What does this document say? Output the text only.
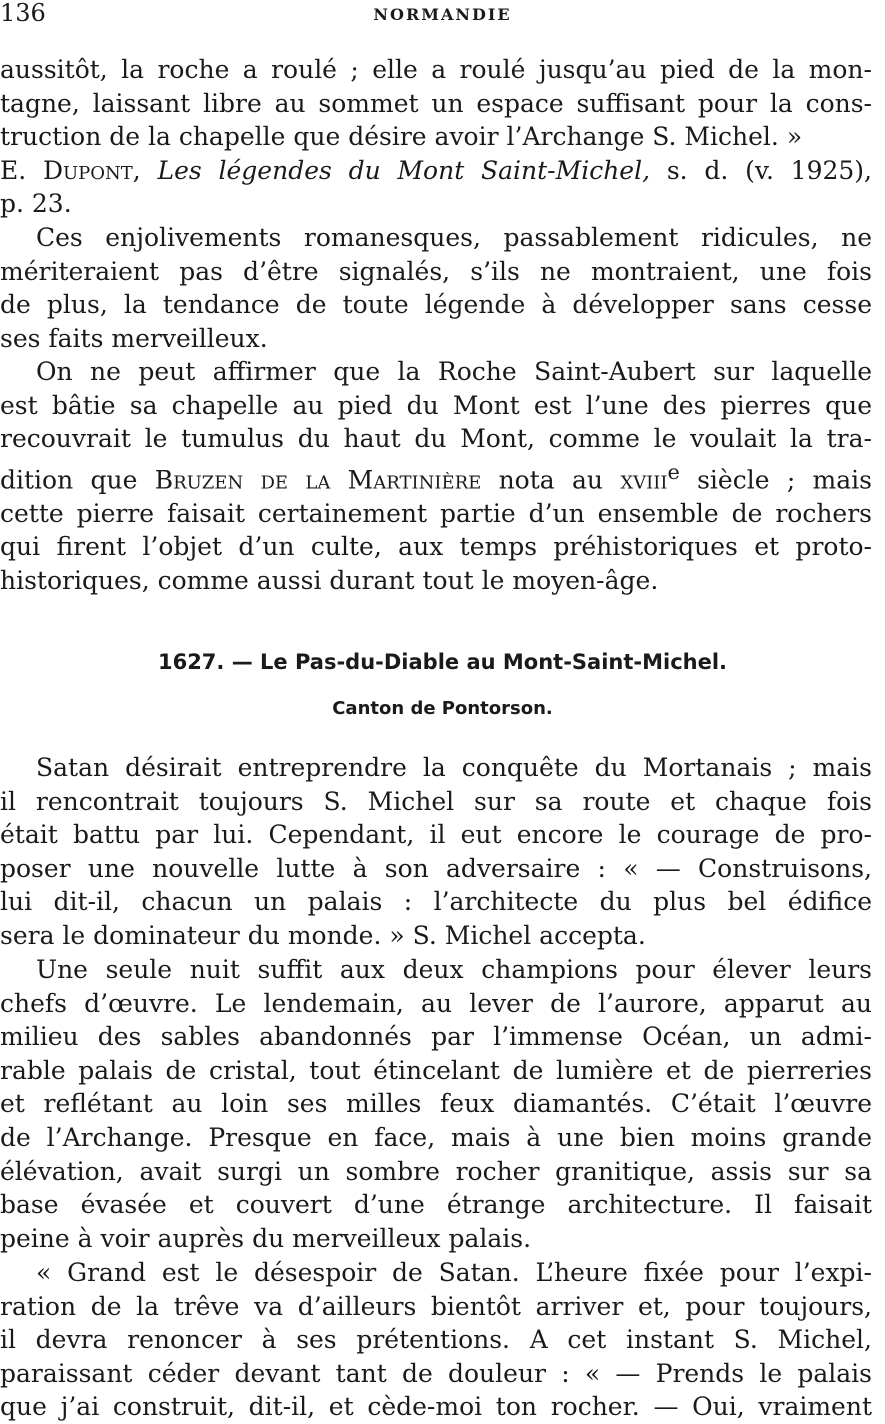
136	NORMANDIE
aussitôt, la roche a roulé ; elle a roulé jusqu’au pied de la mon-
tagne, laissant libre au sommet un espace suffisant pour la cons-
truction de la chapelle que désire avoir l’Archange S. Michel. »
E. Dupont, Les légendes du Mont Saint-Michel, s. d. (v. 1925),
p. 23.
Ces enjolivements romanesques, passablement ridicules, ne
mériteraient pas d’être signalés, s’ils ne montraient, une fois
de plus, la tendance de toute légende à développer sans cesse
ses faits merveilleux.
On ne peut affirmer que la Roche Saint-Aubert sur laquelle
est bâtie sa chapelle au pied du Mont est l’une des pierres que
recouvrait le tumulus du haut du Mont, comme le voulait la tra-
dition que Bruzen de la Martinière nota au xviii$^e$ siècle ; mais
cette pierre faisait certainement partie d’un ensemble de rochers
qui firent l’objet d’un culte, aux temps préhistoriques et proto-
historiques, comme aussi durant tout le moyen-âge.
1627. — Le Pas-du-Diable au Mont-Saint-Michel.
Canton de Pontorson.
Satan désirait entreprendre la conquête du Mortanais ; mais
il rencontrait toujours S. Michel sur sa route et chaque fois
était battu par lui. Cependant, il eut encore le courage de pro-
poser une nouvelle lutte à son adversaire : « — Construisons,
lui dit-il, chacun un palais : l’architecte du plus bel édifice
sera le dominateur du monde. » S. Michel accepta.
Une seule nuit suffit aux deux champions pour élever leurs
chefs d’œuvre. Le lendemain, au lever de l’aurore, apparut au
milieu des sables abandonnés par l’immense Océan, un admi-
rable palais de cristal, tout étincelant de lumière et de pierreries
et reflétant au loin ses milles feux diamantés. C’était l’œuvre
de l’Archange. Presque en face, mais à une bien moins grande
élévation, avait surgi un sombre rocher granitique, assis sur sa
base évasée et couvert d’une étrange architecture. Il faisait
peine à voir auprès du merveilleux palais.
« Grand est le désespoir de Satan. L’heure fixée pour l’expi-
ration de la trêve va d’ailleurs bientôt arriver et, pour toujours,
il devra renoncer à ses prétentions. A cet instant S. Michel,
paraissant céder devant tant de douleur : « — Prends le palais
que j’ai construit, dit-il, et cède-moi ton rocher. — Oui, vraiment
